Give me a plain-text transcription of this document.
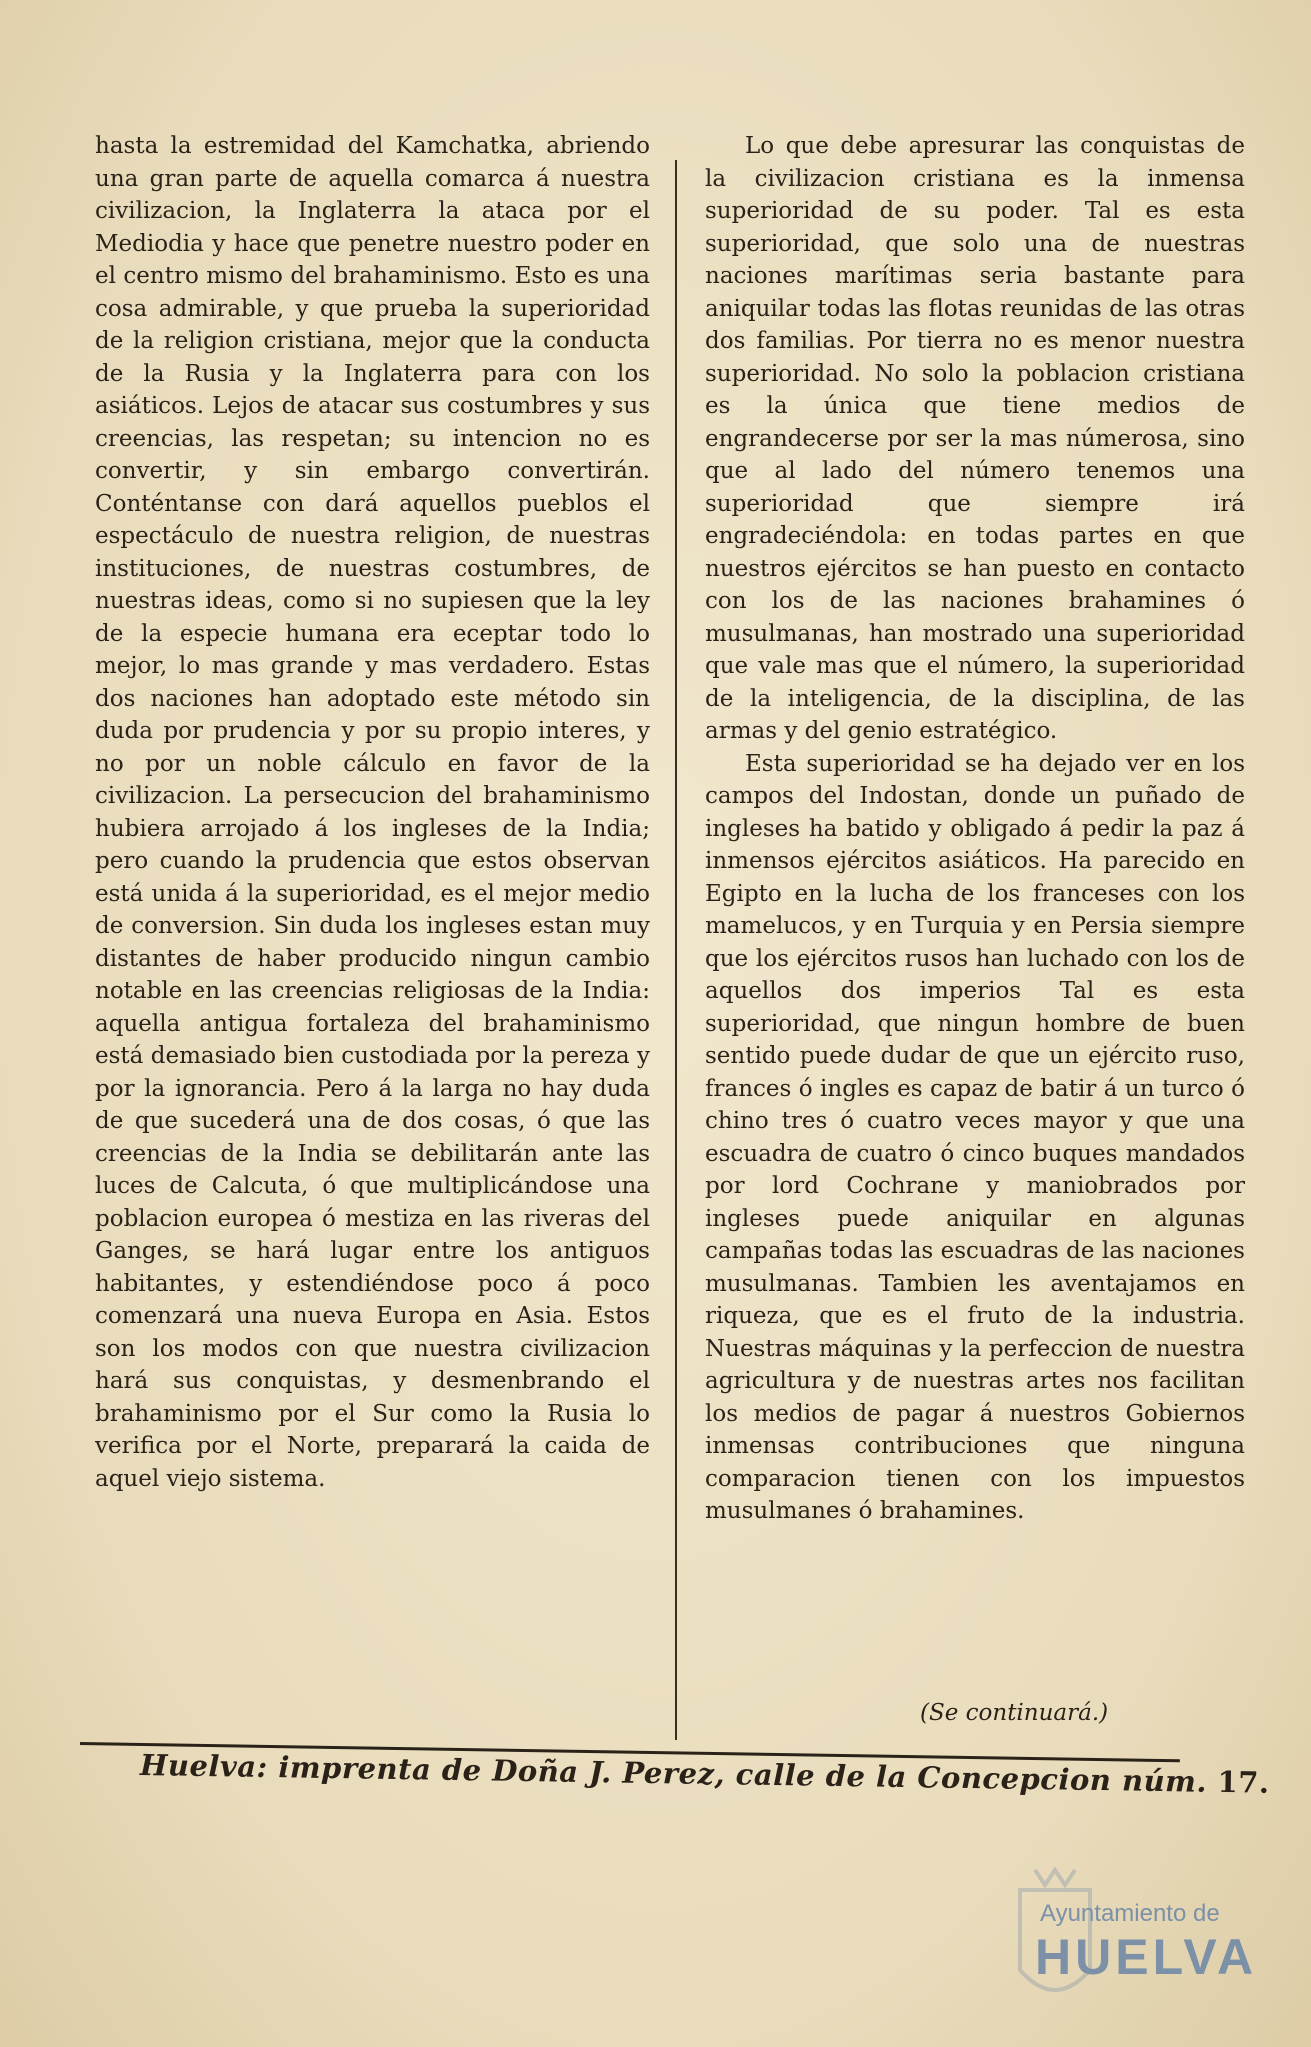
hasta la estremidad del Kamchatka, abriendo una gran parte de aquella comarca á nuestra civilizacion, la Inglaterra la ataca por el Mediodia y hace que penetre nuestro poder en el centro mismo del brahaminismo. Esto es una cosa admirable, y que prueba la superioridad de la religion cristiana, mejor que la conducta de la Rusia y la Inglaterra para con los asiáticos. Lejos de atacar sus costumbres y sus creencias, las respetan; su intencion no es convertir, y sin embargo convertirán. Conténtanse con dará aquellos pueblos el espectáculo de nuestra religion, de nuestras instituciones, de nuestras costumbres, de nuestras ideas, como si no supiesen que la ley de la especie humana era eceptar todo lo mejor, lo mas grande y mas verdadero. Estas dos naciones han adoptado este método sin duda por prudencia y por su propio interes, y no por un noble cálculo en favor de la civilizacion. La persecucion del brahaminismo hubiera arrojado á los ingleses de la India; pero cuando la prudencia que estos observan está unida á la superioridad, es el mejor medio de conversion. Sin duda los ingleses estan muy distantes de haber producido ningun cambio notable en las creencias religiosas de la India: aquella antigua fortaleza del brahaminismo está demasiado bien custodiada por la pereza y por la ignorancia. Pero á la larga no hay duda de que sucederá una de dos cosas, ó que las creencias de la India se debilitarán ante las luces de Calcuta, ó que multiplicándose una poblacion europea ó mestiza en las riveras del Ganges, se hará lugar entre los antiguos habitantes, y estendiéndose poco á poco comenzará una nueva Europa en Asia. Estos son los modos con que nuestra civilizacion hará sus conquistas, y desmenbrando el brahaminismo por el Sur como la Rusia lo verifica por el Norte, preparará la caida de aquel viejo sistema.

Lo que debe apresurar las conquistas de la civilizacion cristiana es la inmensa superioridad de su poder. Tal es esta superioridad, que solo una de nuestras naciones marítimas seria bastante para aniquilar todas las flotas reunidas de las otras dos familias. Por tierra no es menor nuestra superioridad. No solo la poblacion cristiana es la única que tiene medios de engrandecerse por ser la mas númerosa, sino que al lado del número tenemos una superioridad que siempre irá engradeciéndola: en todas partes en que nuestros ejércitos se han puesto en contacto con los de las naciones brahamines ó musulmanas, han mostrado una superioridad que vale mas que el número, la superioridad de la inteligencia, de la disciplina, de las armas y del genio estratégico.

Esta superioridad se ha dejado ver en los campos del Indostan, donde un puñado de ingleses ha batido y obligado á pedir la paz á inmensos ejércitos asiáticos. Ha parecido en Egipto en la lucha de los franceses con los mamelucos, y en Turquia y en Persia siempre que los ejércitos rusos han luchado con los de aquellos dos imperios Tal es esta superioridad, que ningun hombre de buen sentido puede dudar de que un ejército ruso, frances ó ingles es capaz de batir á un turco ó chino tres ó cuatro veces mayor y que una escuadra de cuatro ó cinco buques mandados por lord Cochrane y maniobrados por ingleses puede aniquilar en algunas campañas todas las escuadras de las naciones musulmanas. Tambien les aventajamos en riqueza, que es el fruto de la industria. Nuestras máquinas y la perfeccion de nuestra agricultura y de nuestras artes nos facilitan los medios de pagar á nuestros Gobiernos inmensas contribuciones que ninguna comparacion tienen con los impuestos musulmanes ó brahamines.

(Se continuará.)
Huelva: imprenta de Doña J. Perez, calle de la Concepcion núm. 17.
Ayuntamiento de
HUELVA
